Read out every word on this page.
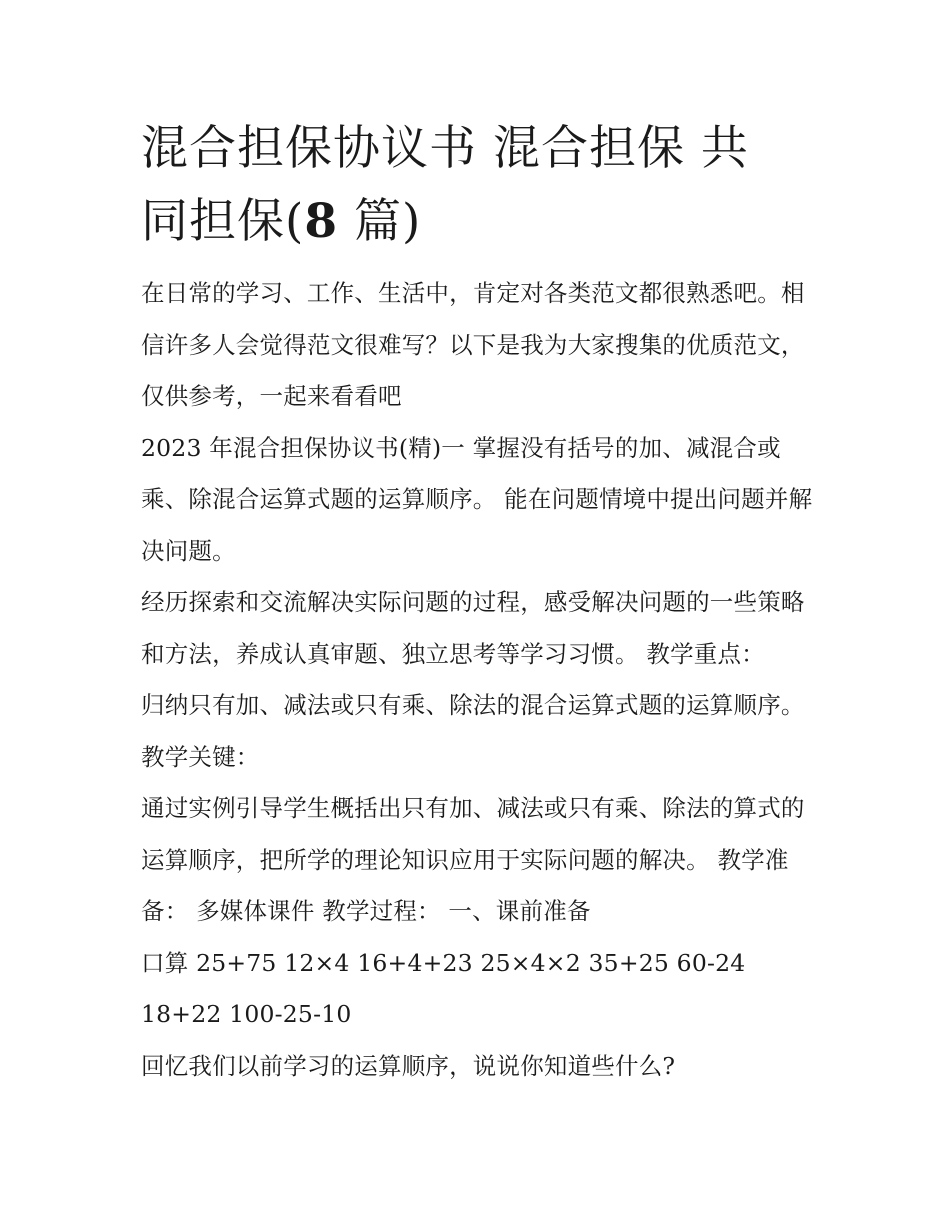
混合担保协议书 混合担保 共
同担保(8 篇)

在日常的学习、工作、生活中，肯定对各类范文都很熟悉吧。相信许多人会觉得范文很难写？以下是我为大家搜集的优质范文，仅供参考，一起来看看吧

2023 年混合担保协议书(精)一 掌握没有括号的加、减混合或乘、除混合运算式题的运算顺序。 能在问题情境中提出问题并解决问题。

经历探索和交流解决实际问题的过程，感受解决问题的一些策略和方法，养成认真审题、独立思考等学习习惯。 教学重点：

归纳只有加、减法或只有乘、除法的混合运算式题的运算顺序。 教学关键：

通过实例引导学生概括出只有加、减法或只有乘、除法的算式的运算顺序，把所学的理论知识应用于实际问题的解决。 教学准备： 多媒体课件 教学过程： 一、课前准备

口算 25+75 12×4 16+4+23 25×4×2 35+25 60-24 18+22 100-25-10

回忆我们以前学习的运算顺序，说说你知道些什么?
